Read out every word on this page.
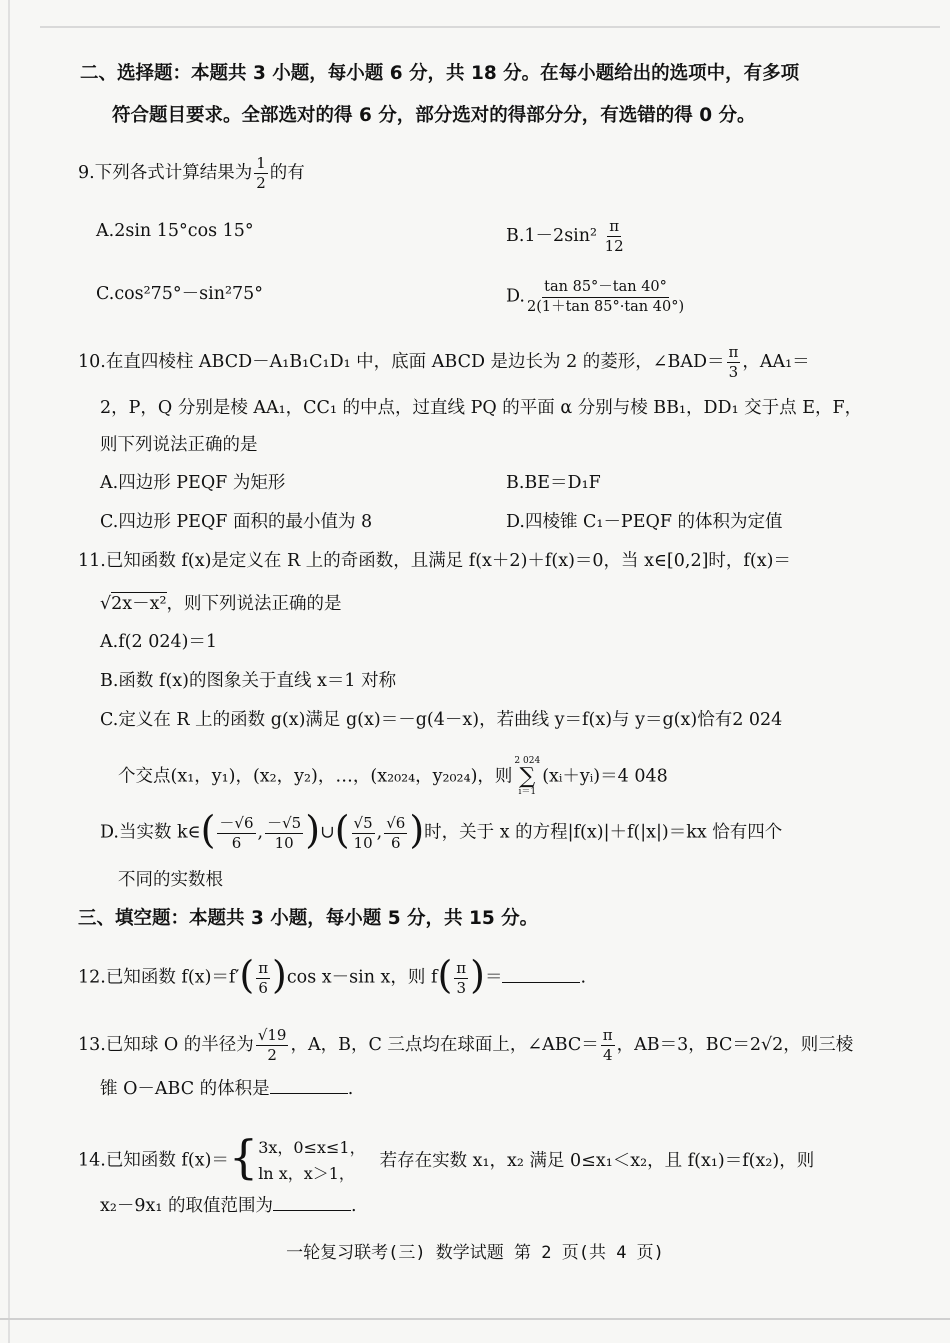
二、选择题：本题共 3 小题，每小题 6 分，共 18 分。在每小题给出的选项中，有多项
符合题目要求。全部选对的得 6 分，部分选对的得部分分，有选错的得 0 分。
9.下列各式计算结果为 $\frac{1}{2}$ 的有
A.2sin 15°cos 15°	$B.1-2\sin^2 \frac{\pi}{12}$
C.cos²75°－sin²75°	D. $\frac{\tan 85^\circ-\tan 40^\circ}{2(1+\tan 85^\circ\cdot\tan 40^\circ)}$
10.在直四棱柱 ABCD－A₁B₁C₁D₁ 中，底面 ABCD 是边长为 2 的菱形，∠BAD＝ $\frac{\pi}{3}$ ，AA₁＝
2，P，Q 分别是棱 AA₁，CC₁ 的中点，过直线 PQ 的平面 α 分别与棱 BB₁，DD₁ 交于点 E，F，
则下列说法正确的是
A.四边形 PEQF 为矩形	B.BE＝D₁F
C.四边形 PEQF 面积的最小值为 8	D.四棱锥 C₁－PEQF 的体积为定值
11.已知函数 f(x)是定义在 R 上的奇函数，且满足 f(x＋2)＋f(x)＝0，当 x∈[0,2]时，f(x)＝
√2x－x²，则下列说法正确的是
A.f(2 024)＝1
B.函数 f(x)的图象关于直线 x＝1 对称
C.定义在 R 上的函数 g(x)满足 g(x)＝－g(4－x)，若曲线 y＝f(x)与 y＝g(x)恰有2 024
个交点(x₁，y₁)，(x₂，y₂)，…，(x₂₀₂₄，y₂₀₂₄)，则
2 024
∑
i＝1
(xᵢ＋yᵢ)＝4 048
D.当实数 k∈( $\frac{-√6}{6}$ , $\frac{-√5}{10}$ )∪( $\frac{√5}{10}$ , $\frac{√6}{6}$ )时，关于 x 的方程|f(x)|＋f(|x|)＝kx 恰有四个
不同的实数根
三、填空题：本题共 3 小题，每小题 5 分，共 15 分。
12.已知函数 $f(x)=f'( \frac{\pi}{6} )\cos$ x－sin x，则 $f( \frac{\pi}{3}$ )＝	.
13.已知球 O 的半径为 $\frac{√19}{2}$ ，A，B，C 三点均在球面上，∠ABC＝ $\frac{\pi}{4}$ ，AB＝3，BC＝2√2，则三棱
锥 O－ABC 的体积是	.
14.已知函数 f(x)＝{ 3x，0≤x≤1，
ln x，x＞1，
若存在实数 x₁，x₂ 满足 0≤x₁＜x₂，且 f(x₁)＝f(x₂)，则
x₂－9x₁ 的取值范围为	.
一轮复习联考(三) 数学试题 第 2 页(共 4 页)
